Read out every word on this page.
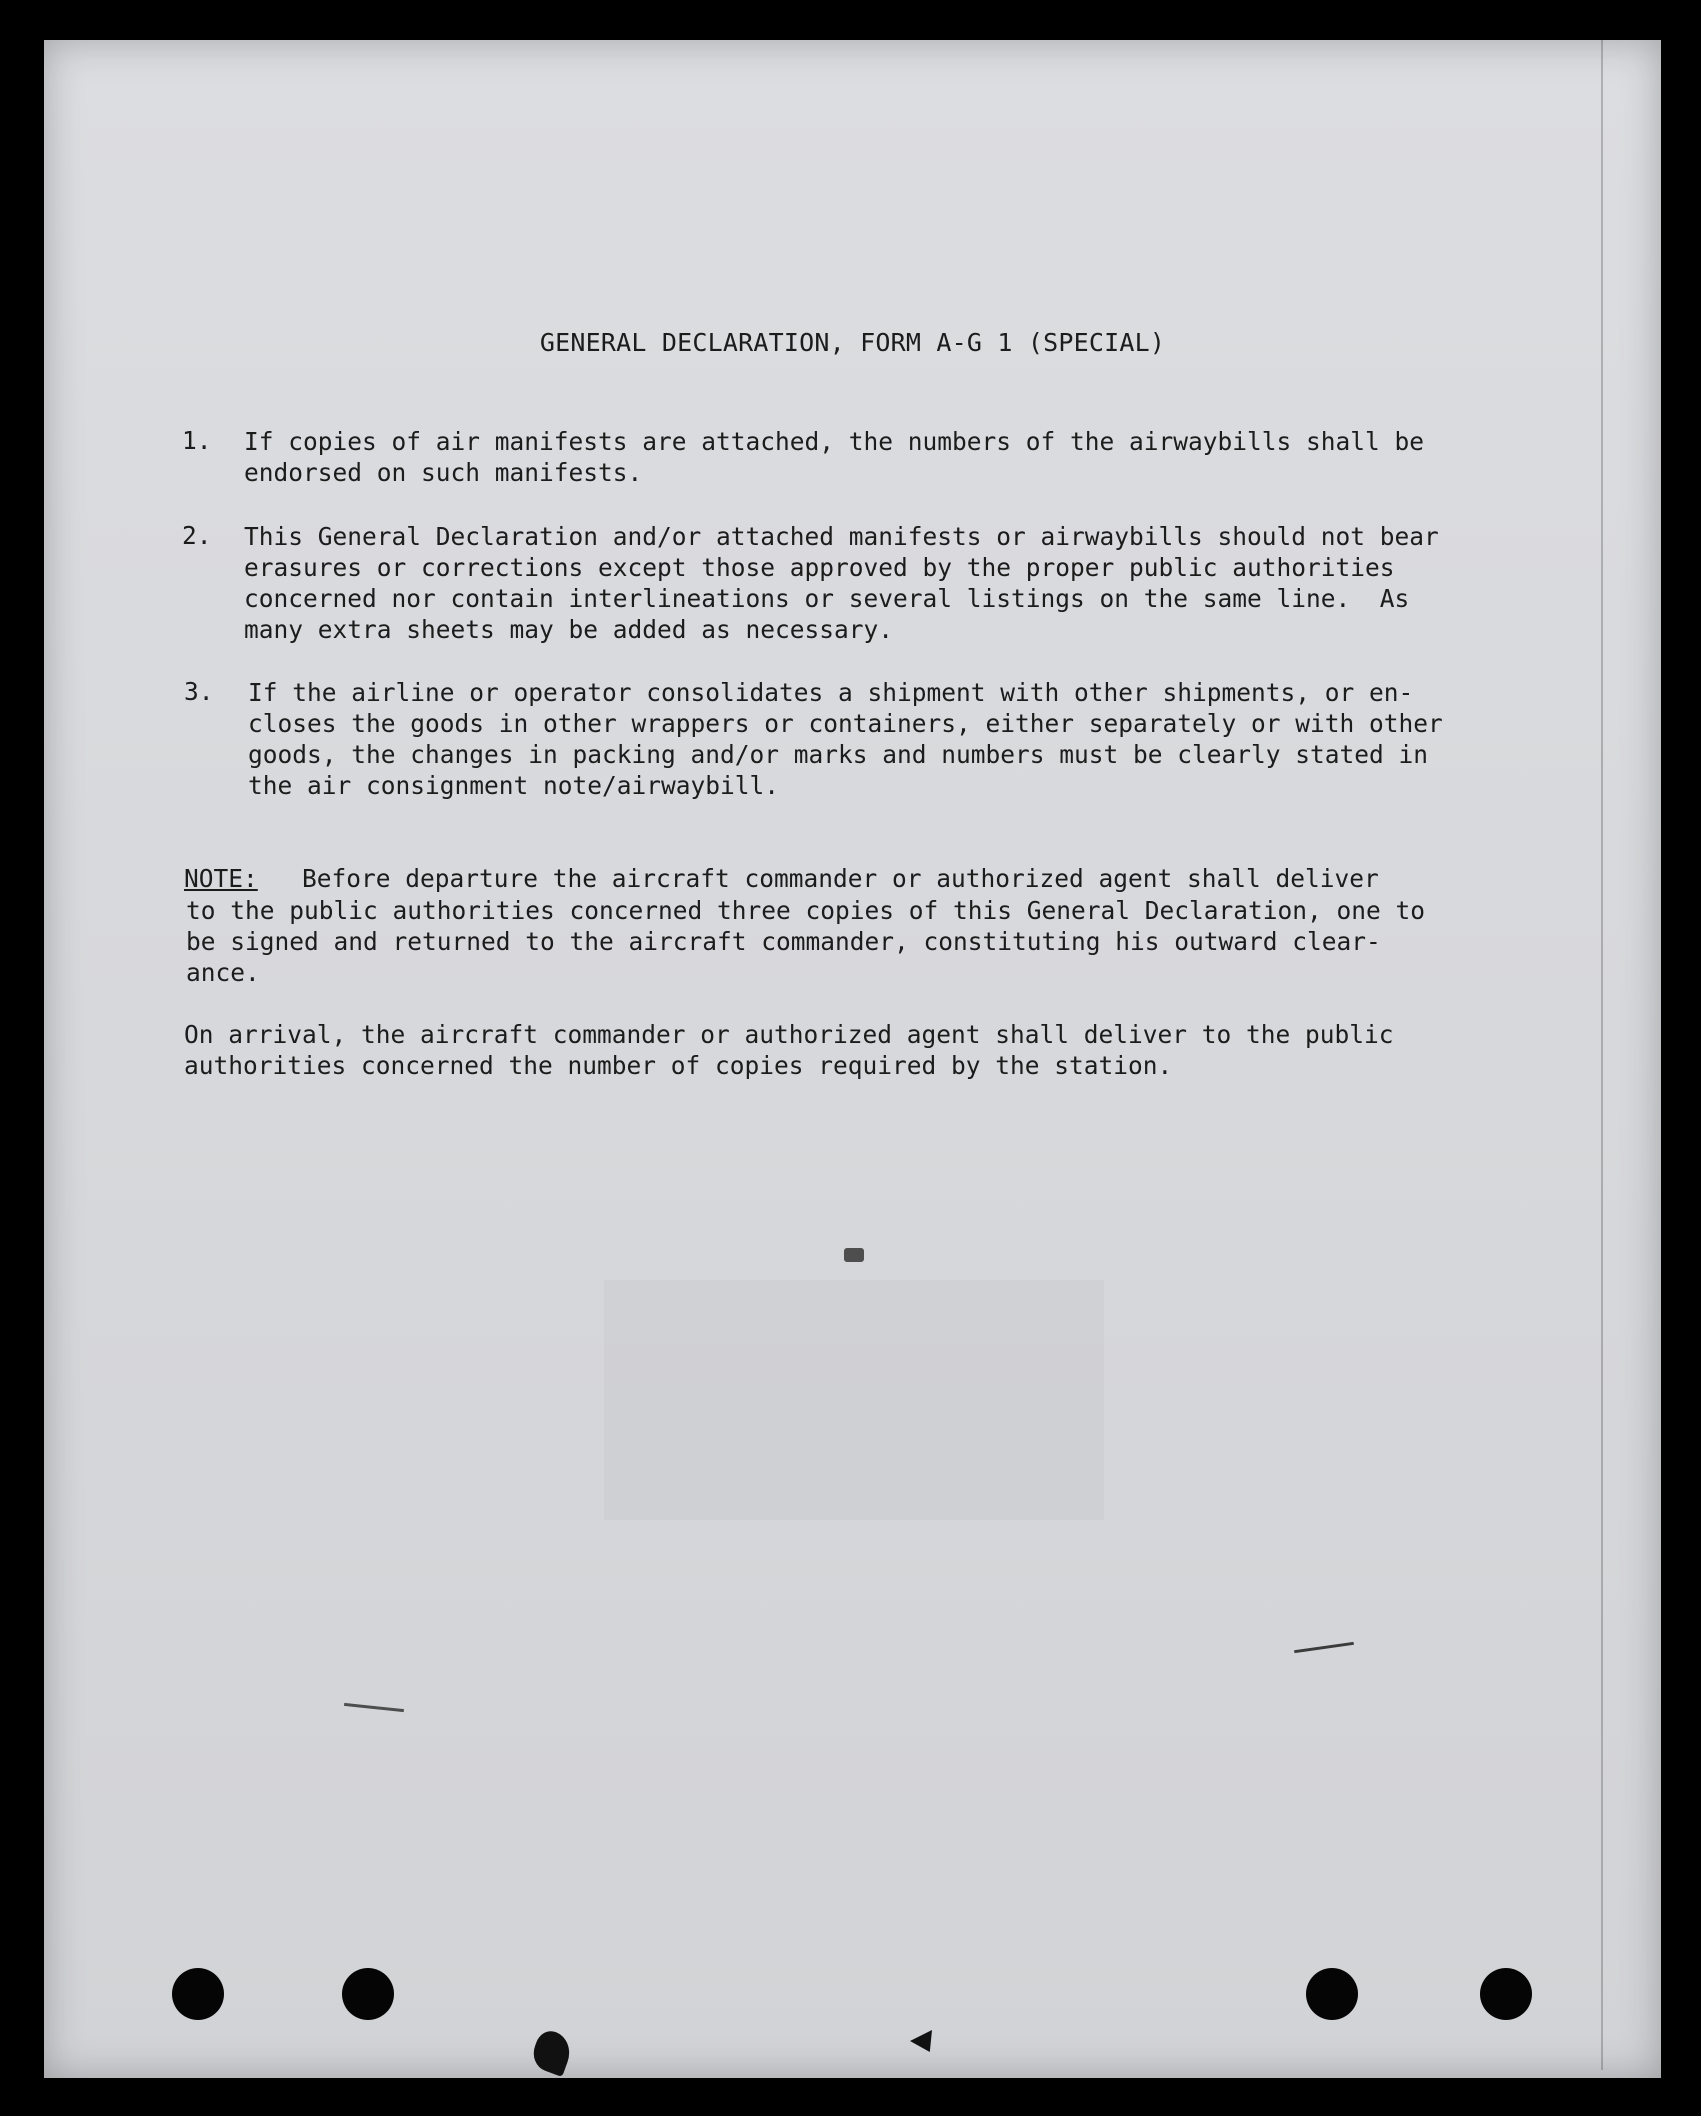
GENERAL DECLARATION, FORM A-G 1 (SPECIAL)
1. If copies of air manifests are attached, the numbers of the airwaybills shall be
endorsed on such manifests.
2. This General Declaration and/or attached manifests or airwaybills should not bear
erasures or corrections except those approved by the proper public authorities
concerned nor contain interlineations or several listings on the same line.  As
many extra sheets may be added as necessary.
3. If the airline or operator consolidates a shipment with other shipments, or en-
closes the goods in other wrappers or containers, either separately or with other
goods, the changes in packing and/or marks and numbers must be clearly stated in
the air consignment note/airwaybill.
NOTE:   Before departure the aircraft commander or authorized agent shall deliver
to the public authorities concerned three copies of this General Declaration, one to
be signed and returned to the aircraft commander, constituting his outward clear-
ance.
On arrival, the aircraft commander or authorized agent shall deliver to the public
authorities concerned the number of copies required by the station.
